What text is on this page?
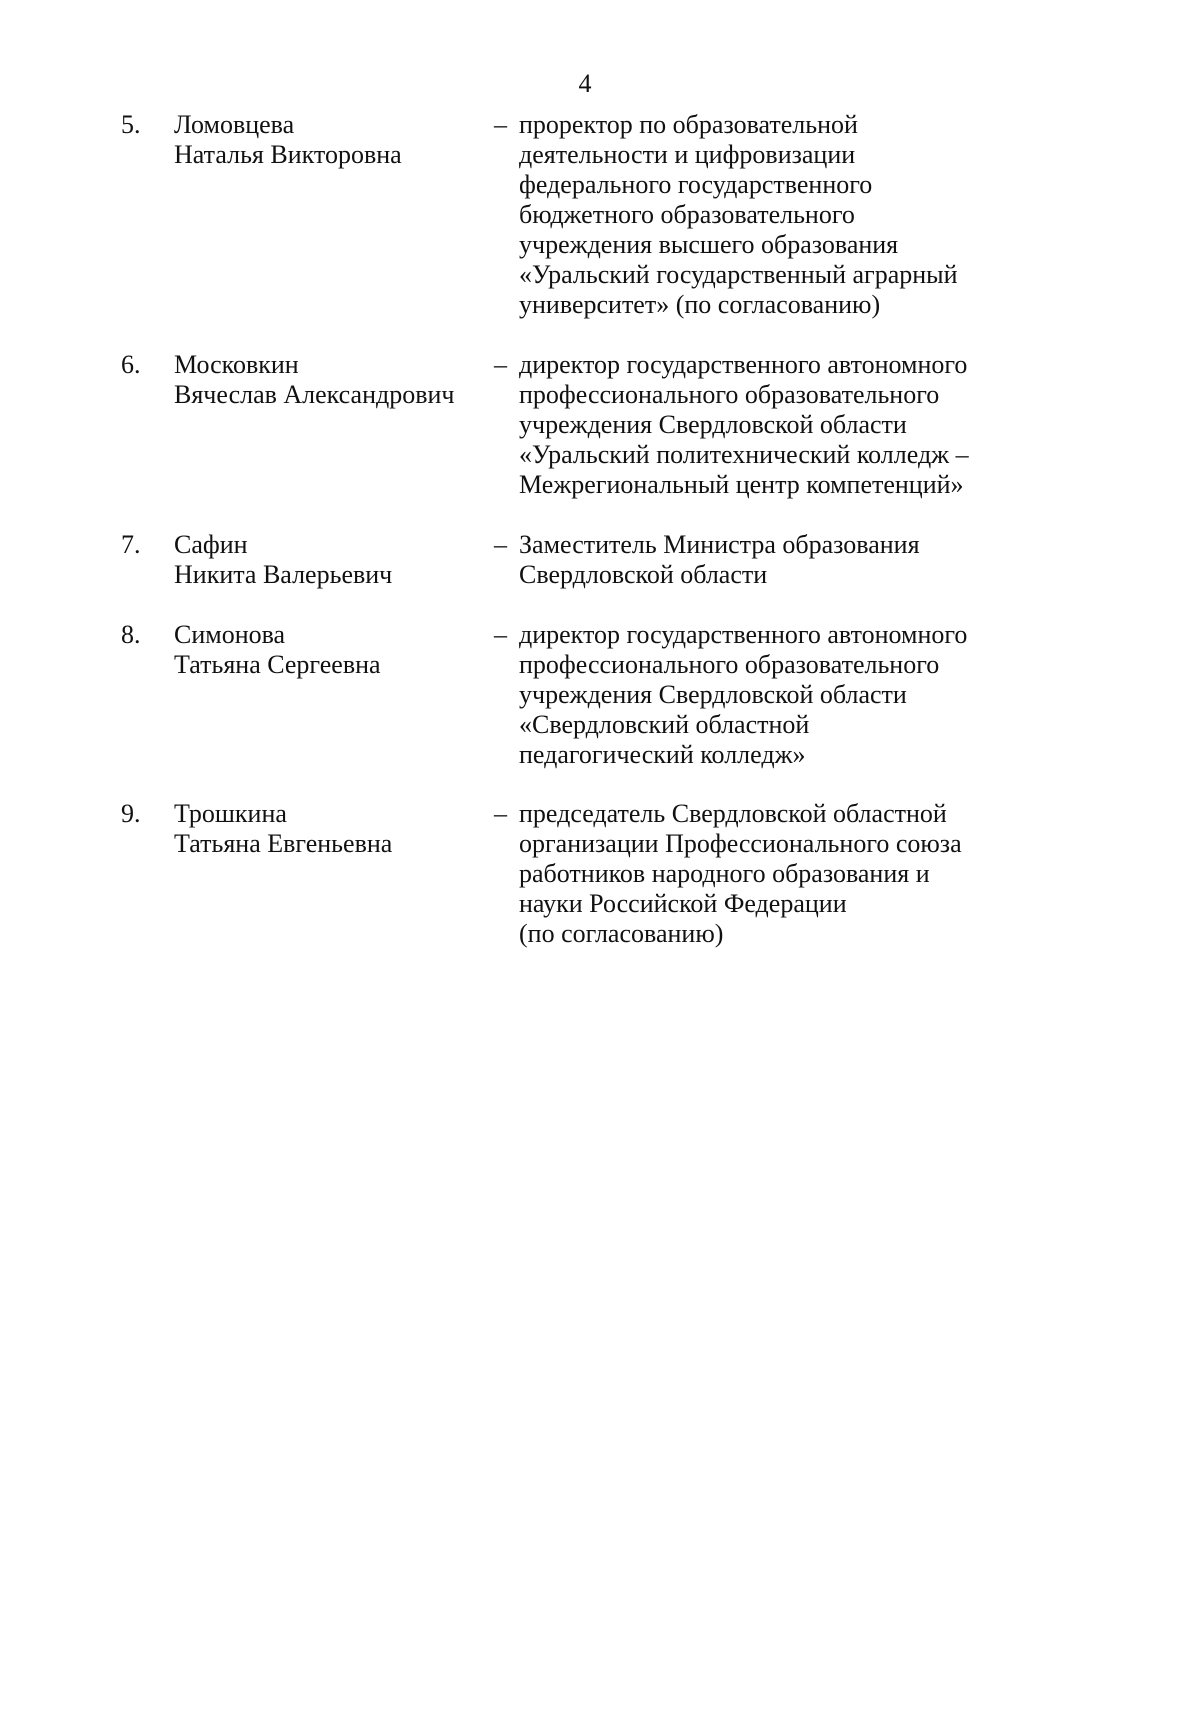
4
5. Ломовцева
Наталья Викторовна
– проректор по образовательной
деятельности и цифровизации
федерального государственного
бюджетного образовательного
учреждения высшего образования
«Уральский государственный аграрный
университет» (по согласованию)
6. Московкин
Вячеслав Александрович
– директор государственного автономного
профессионального образовательного
учреждения Свердловской области
«Уральский политехнический колледж –
Межрегиональный центр компетенций»
7. Сафин
Никита Валерьевич
– Заместитель Министра образования
Свердловской области
8. Симонова
Татьяна Сергеевна
– директор государственного автономного
профессионального образовательного
учреждения Свердловской области
«Свердловский областной
педагогический колледж»
9. Трошкина
Татьяна Евгеньевна
– председатель Свердловской областной
организации Профессионального союза
работников народного образования и
науки Российской Федерации
(по согласованию)
